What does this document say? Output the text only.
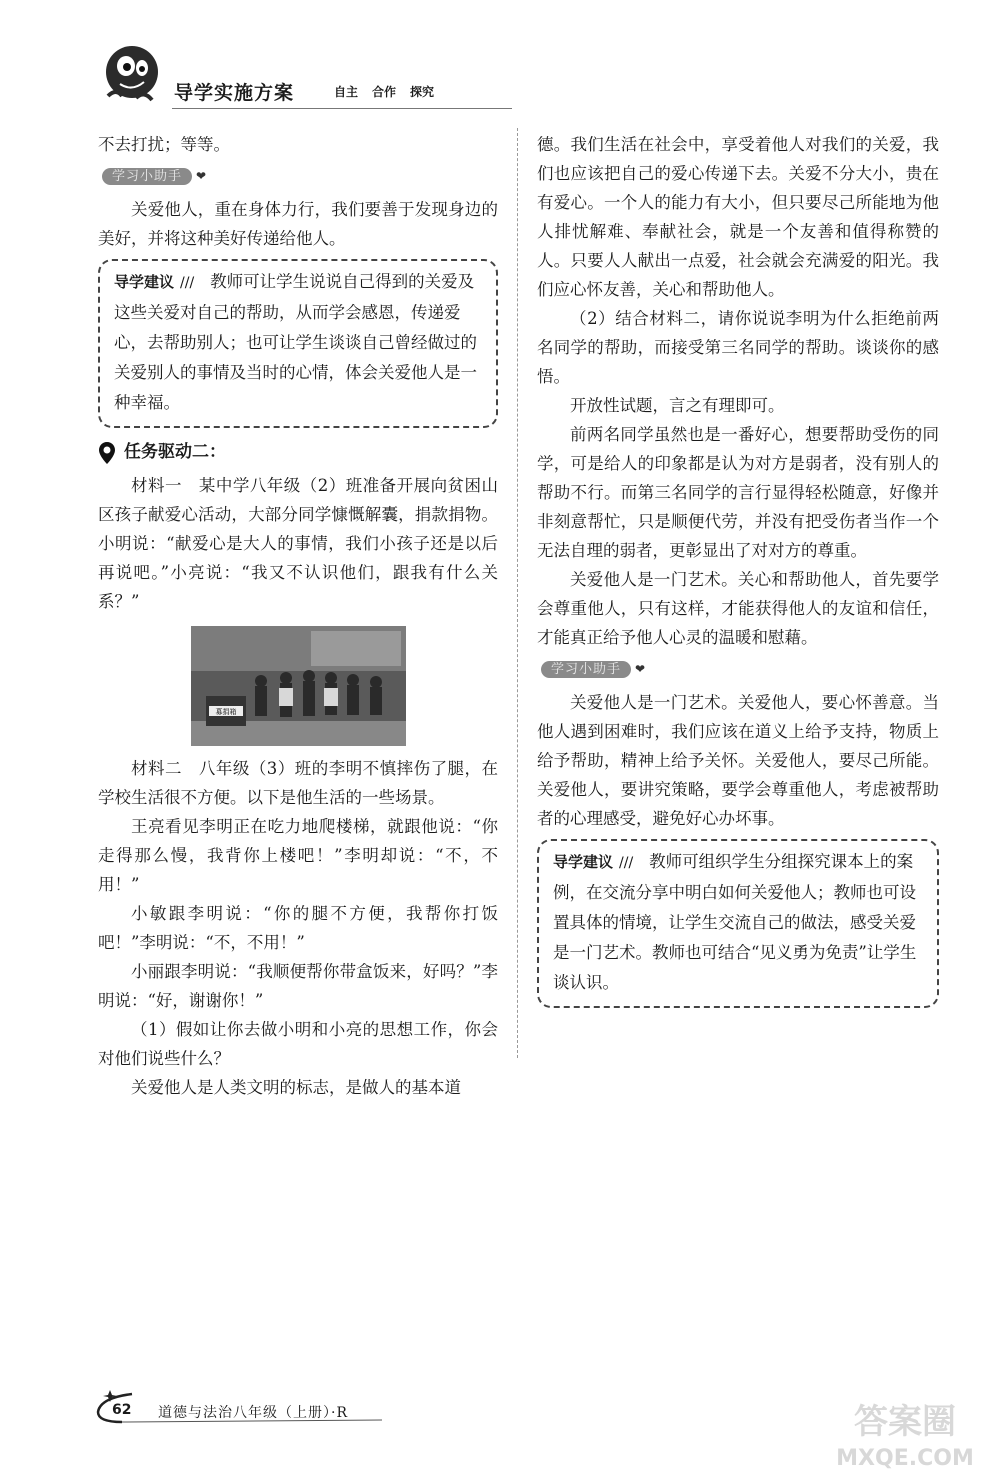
导学实施方案	自主 合作 探究

不去打扰；等等。

学习小助手	❤

关爱他人，重在身体力行，我们要善于发现身边的美好，并将这种美好传递给他人。

导学建议 /// 教师可让学生说说自己得到的关爱及这些关爱对自己的帮助，从而学会感恩，传递爱心，去帮助别人；也可让学生谈谈自己曾经做过的关爱别人的事情及当时的心情，体会关爱他人是一种幸福。
任务驱动二：

材料一　某中学八年级（2）班准备开展向贫困山区孩子献爱心活动，大部分同学慷慨解囊，捐款捐物。小明说：“献爱心是大人的事情，我们小孩子还是以后再说吧。”小亮说：“我又不认识他们，跟我有什么关系？”

募捐箱

材料二　八年级（3）班的李明不慎摔伤了腿，在学校生活很不方便。以下是他生活的一些场景。

王亮看见李明正在吃力地爬楼梯，就跟他说：“你走得那么慢，我背你上楼吧！”李明却说：“不，不用！”

小敏跟李明说：“你的腿不方便，我帮你打饭吧！”李明说：“不，不用！”

小丽跟李明说：“我顺便帮你带盒饭来，好吗？”李明说：“好，谢谢你！”

（1）假如让你去做小明和小亮的思想工作，你会对他们说些什么？

关爱他人是人类文明的标志，是做人的基本道

德。我们生活在社会中，享受着他人对我们的关爱，我们也应该把自己的爱心传递下去。关爱不分大小，贵在有爱心。一个人的能力有大小，但只要尽己所能地为他人排忧解难、奉献社会，就是一个友善和值得称赞的人。只要人人献出一点爱，社会就会充满爱的阳光。我们应心怀友善，关心和帮助他人。

（2）结合材料二，请你说说李明为什么拒绝前两名同学的帮助，而接受第三名同学的帮助。谈谈你的感悟。

开放性试题，言之有理即可。

前两名同学虽然也是一番好心，想要帮助受伤的同学，可是给人的印象都是认为对方是弱者，没有别人的帮助不行。而第三名同学的言行显得轻松随意，好像并非刻意帮忙，只是顺便代劳，并没有把受伤者当作一个无法自理的弱者，更彰显出了对对方的尊重。

关爱他人是一门艺术。关心和帮助他人，首先要学会尊重他人，只有这样，才能获得他人的友谊和信任，才能真正给予他人心灵的温暖和慰藉。

学习小助手	❤

关爱他人是一门艺术。关爱他人，要心怀善意。当他人遇到困难时，我们应该在道义上给予支持，物质上给予帮助，精神上给予关怀。关爱他人，要尽己所能。关爱他人，要讲究策略，要学会尊重他人，考虑被帮助者的心理感受，避免好心办坏事。

导学建议 /// 教师可组织学生分组探究课本上的案例，在交流分享中明白如何关爱他人；教师也可设置具体的情境，让学生交流自己的做法，感受关爱是一门艺术。教师也可结合“见义勇为免责”让学生谈认识。
62 道德与法治八年级（上册）·R	答案圈
MXQE.COM
